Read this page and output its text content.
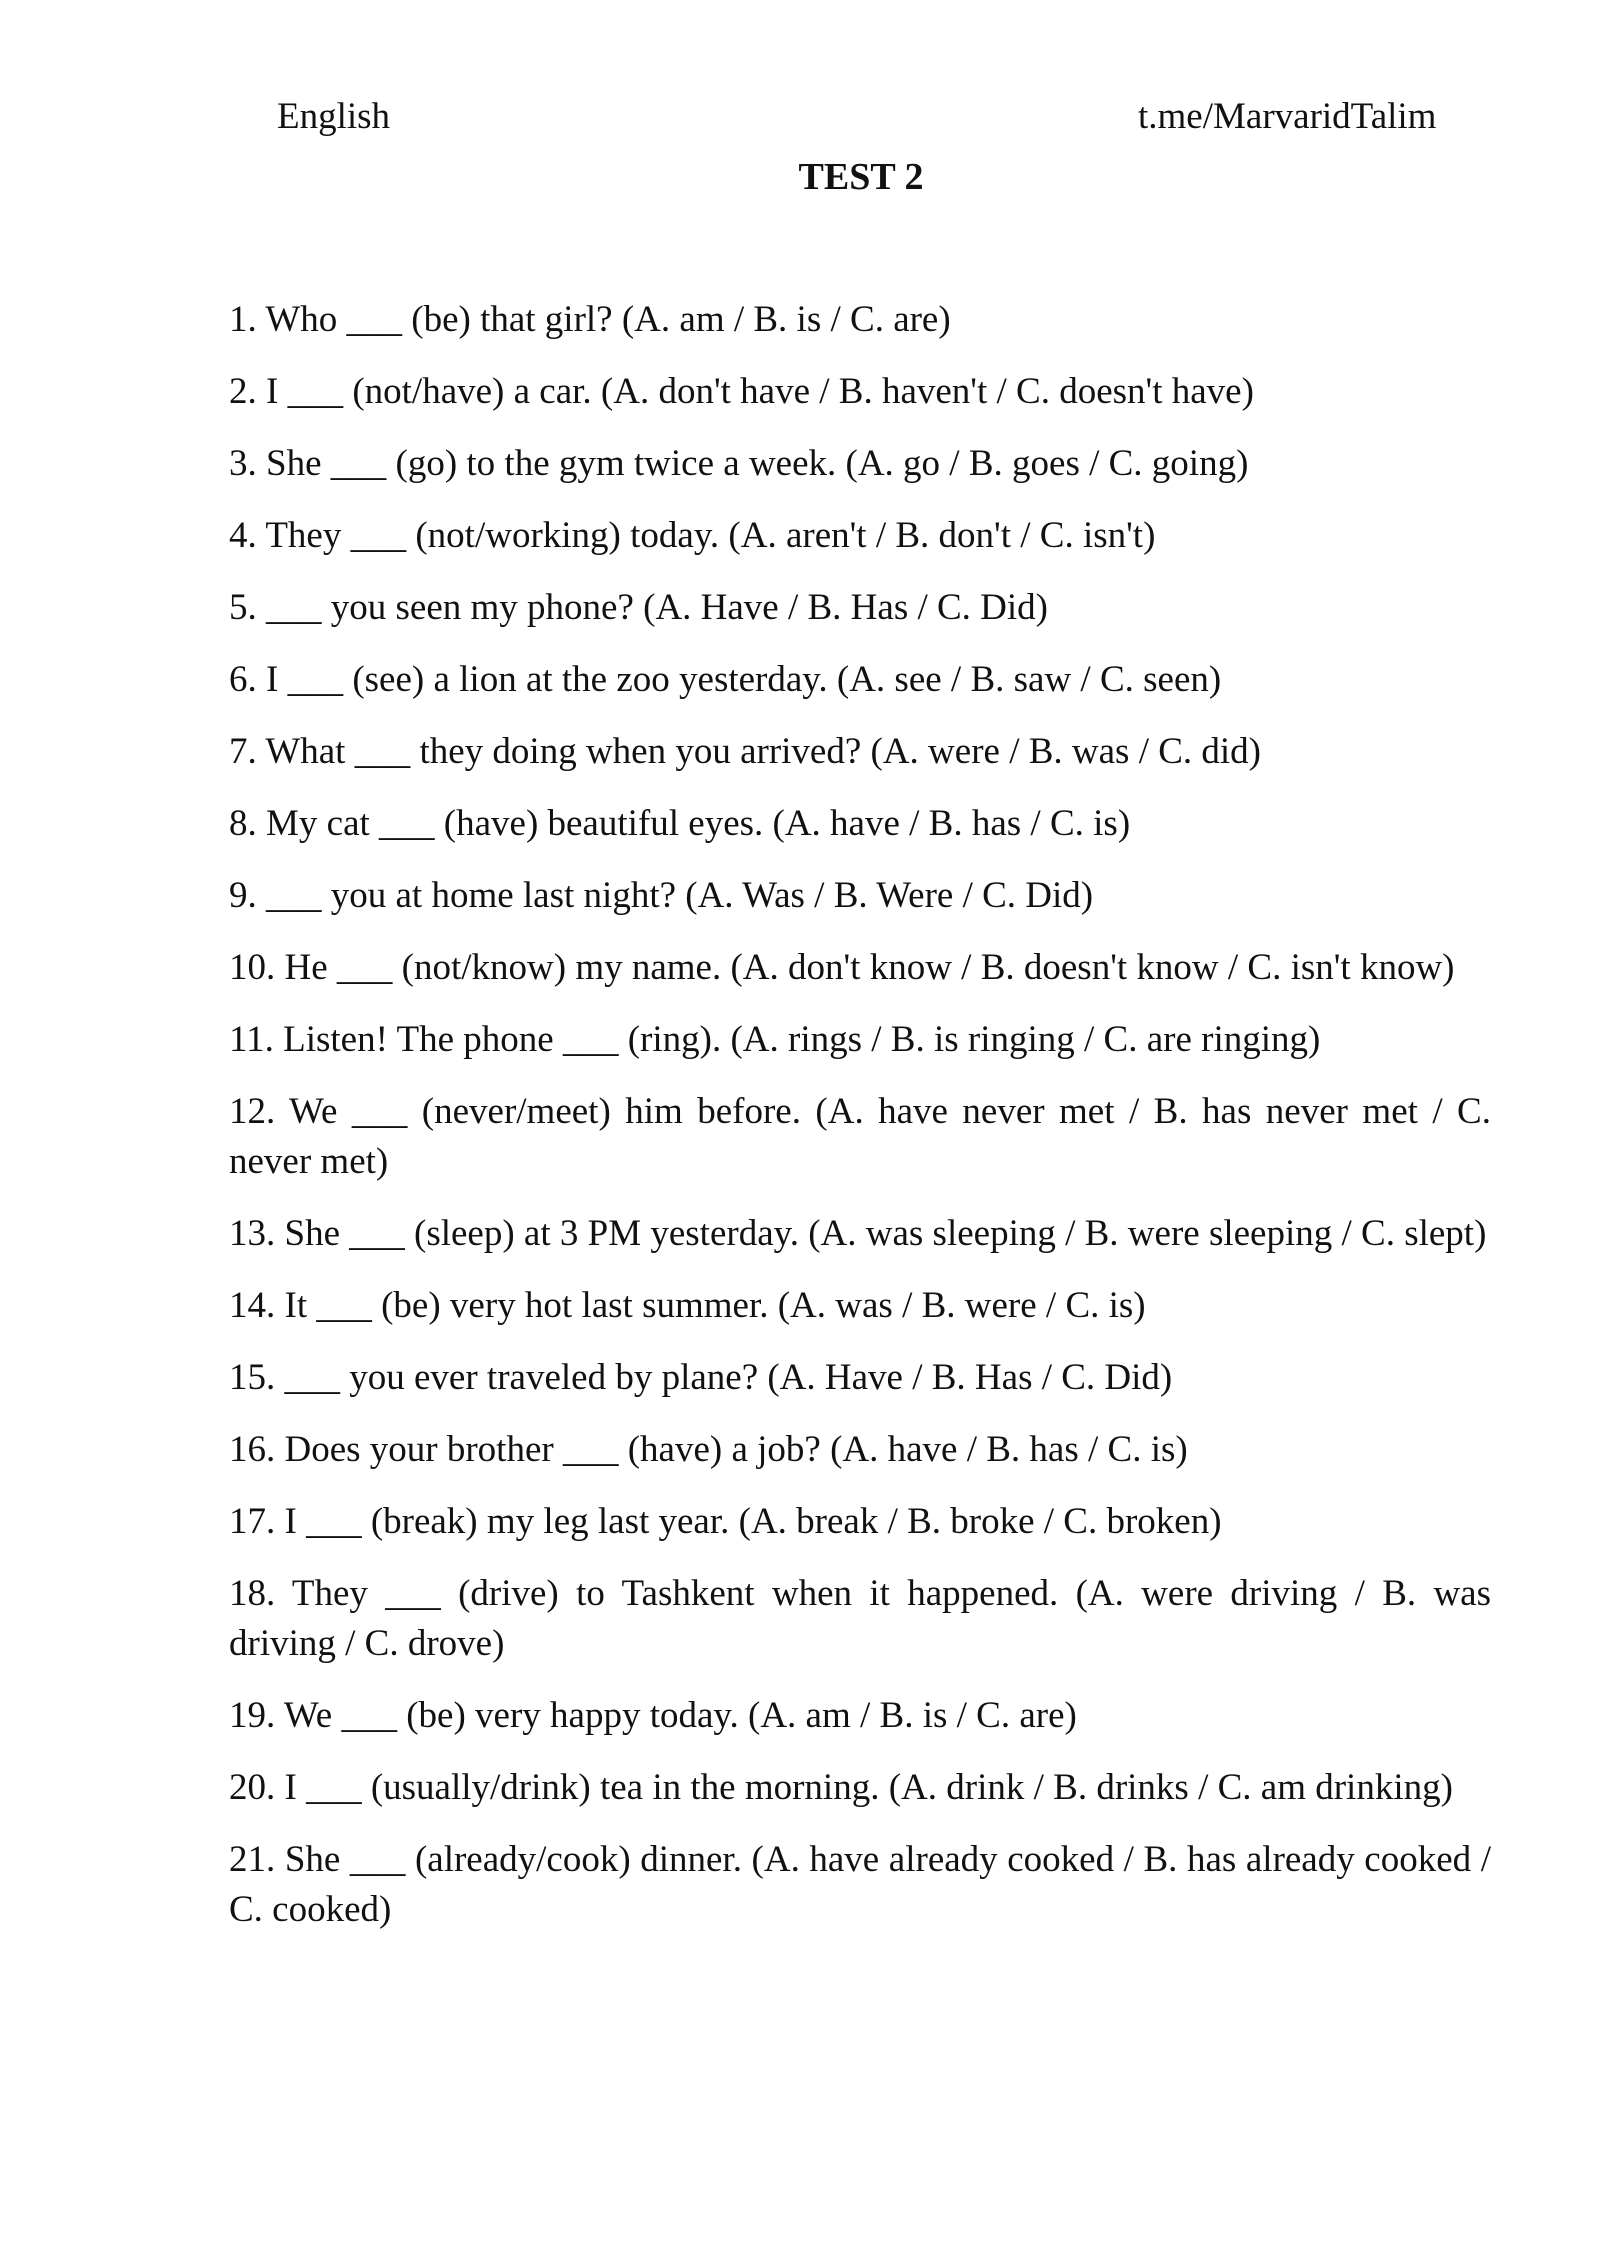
English	t.me/MarvaridTalim
TEST 2
1. Who ___ (be) that girl? (A. am / B. is / C. are)
2. I ___ (not/have) a car. (A. don't have / B. haven't / C. doesn't have)
3. She ___ (go) to the gym twice a week. (A. go / B. goes / C. going)
4. They ___ (not/working) today. (A. aren't / B. don't / C. isn't)
5. ___ you seen my phone? (A. Have / B. Has / C. Did)
6. I ___ (see) a lion at the zoo yesterday. (A. see / B. saw / C. seen)
7. What ___ they doing when you arrived? (A. were / B. was / C. did)
8. My cat ___ (have) beautiful eyes. (A. have / B. has / C. is)
9. ___ you at home last night? (A. Was / B. Were / C. Did)
10. He ___ (not/know) my name. (A. don't know / B. doesn't know / C. isn't know)
11. Listen! The phone ___ (ring). (A. rings / B. is ringing / C. are ringing)
12. We ___ (never/meet) him before. (A. have never met / B. has never met / C. never met)
13. She ___ (sleep) at 3 PM yesterday. (A. was sleeping / B. were sleeping / C. slept)
14. It ___ (be) very hot last summer. (A. was / B. were / C. is)
15. ___ you ever traveled by plane? (A. Have / B. Has / C. Did)
16. Does your brother ___ (have) a job? (A. have / B. has / C. is)
17. I ___ (break) my leg last year. (A. break / B. broke / C. broken)
18. They ___ (drive) to Tashkent when it happened. (A. were driving / B. was driving / C. drove)
19. We ___ (be) very happy today. (A. am / B. is / C. are)
20. I ___ (usually/drink) tea in the morning. (A. drink / B. drinks / C. am drinking)
21. She ___ (already/cook) dinner. (A. have already cooked / B. has already cooked / C. cooked)
